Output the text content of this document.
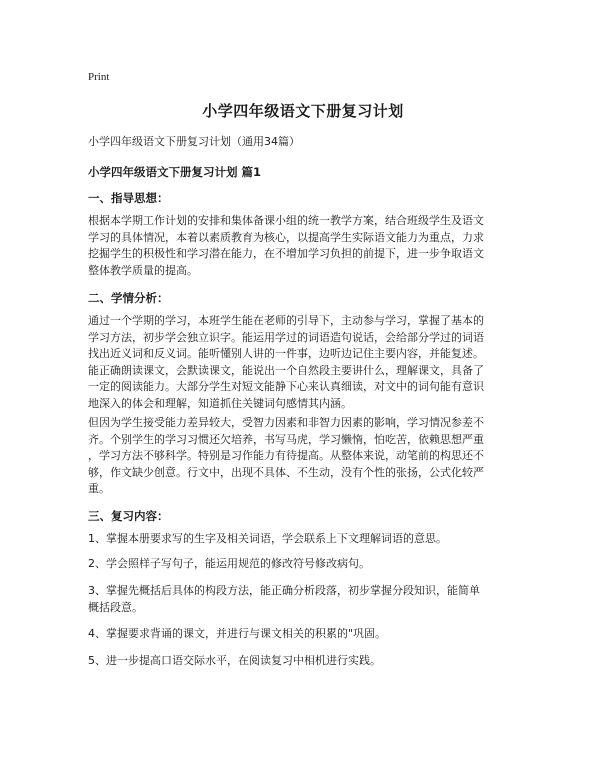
Print
小学四年级语文下册复习计划
小学四年级语文下册复习计划（通用34篇）
小学四年级语文下册复习计划 篇1
一、指导思想：
根据本学期工作计划的安排和集体备课小组的统一教学方案，结合班级学生及语文
学习的具体情况，本着以素质教育为核心，以提高学生实际语文能力为重点，力求
挖掘学生的积极性和学习潜在能力，在不增加学习负担的前提下，进一步争取语文
整体教学质量的提高。
二、学情分析：
通过一个学期的学习，本班学生能在老师的引导下，主动参与学习，掌握了基本的
学习方法，初步学会独立识字。能运用学过的词语造句说话，会给部分学过的词语
找出近义词和反义词。能听懂别人讲的一件事，边听边记住主要内容，并能复述。
能正确朗读课文，会默读课文，能说出一个自然段主要讲什么，理解课文，具备了
一定的阅读能力。大部分学生对短文能静下心来认真细读，对文中的词句能有意识
地深入的体会和理解，知道抓住关键词句感情其内涵。
但因为学生接受能力差异较大，受智力因素和非智力因素的影响，学习情况参差不
齐。个别学生的学习习惯还欠培养，书写马虎，学习懒惰，怕吃苦，依赖思想严重
，学习方法不够科学。特别是习作能力有待提高。从整体来说，动笔前的构思还不
够，作文缺少创意。行文中，出现不具体、不生动，没有个性的张扬，公式化较严
重。
三、复习内容：
1、掌握本册要求写的生字及相关词语，学会联系上下文理解词语的意思。
2、学会照样子写句子，能运用规范的修改符号修改病句。
3、掌握先概括后具体的构段方法，能正确分析段落，初步掌握分段知识，能简单
概括段意。
4、掌握要求背诵的课文，并进行与课文相关的积累的"巩固。
5、进一步提高口语交际水平，在阅读复习中相机进行实践。
